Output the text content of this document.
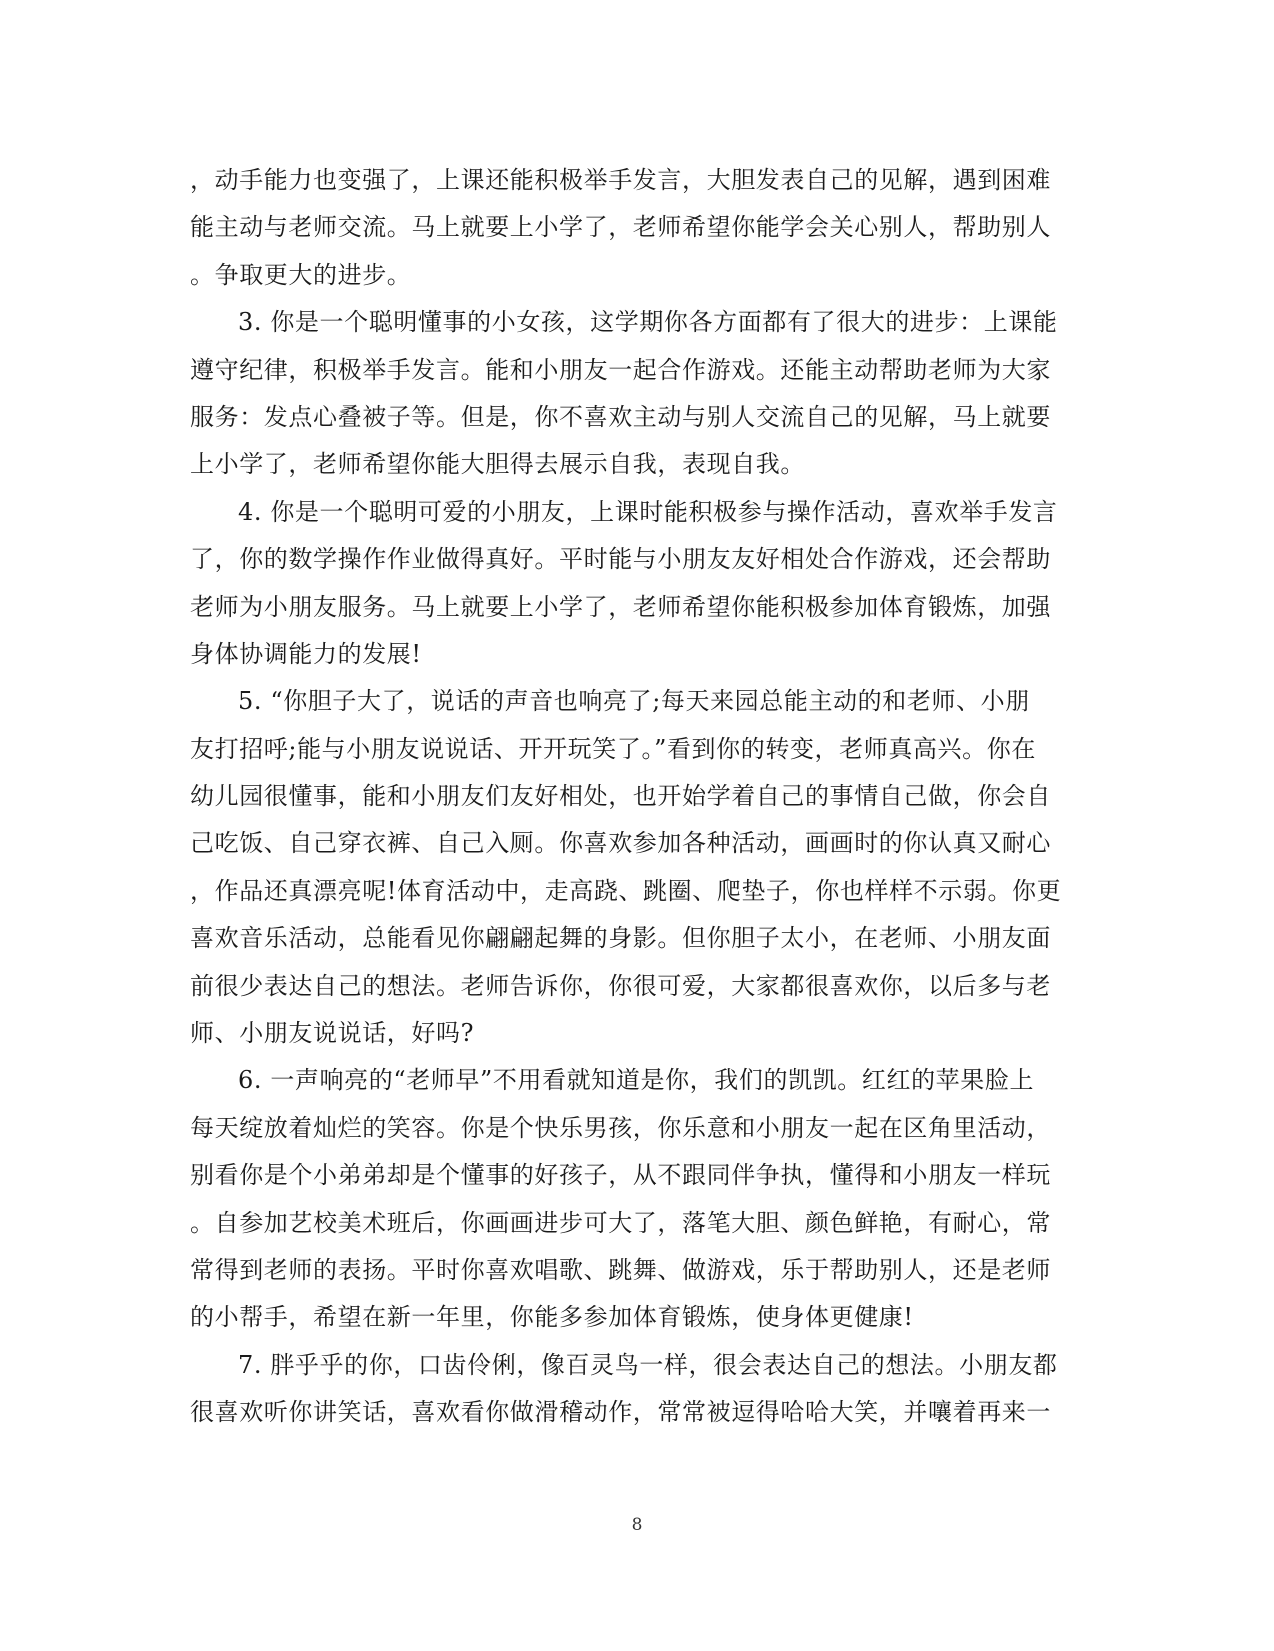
，动手能力也变强了，上课还能积极举手发言，大胆发表自己的见解，遇到困难
能主动与老师交流。马上就要上小学了，老师希望你能学会关心别人，帮助别人
。争取更大的进步。
3. 你是一个聪明懂事的小女孩，这学期你各方面都有了很大的进步：上课能
遵守纪律，积极举手发言。能和小朋友一起合作游戏。还能主动帮助老师为大家
服务：发点心叠被子等。但是，你不喜欢主动与别人交流自己的见解，马上就要
上小学了，老师希望你能大胆得去展示自我，表现自我。
4. 你是一个聪明可爱的小朋友，上课时能积极参与操作活动，喜欢举手发言
了，你的数学操作作业做得真好。平时能与小朋友友好相处合作游戏，还会帮助
老师为小朋友服务。马上就要上小学了，老师希望你能积极参加体育锻炼，加强
身体协调能力的发展!
5. “你胆子大了，说话的声音也响亮了;每天来园总能主动的和老师、小朋
友打招呼;能与小朋友说说话、开开玩笑了。”看到你的转变，老师真高兴。你在
幼儿园很懂事，能和小朋友们友好相处，也开始学着自己的事情自己做，你会自
己吃饭、自己穿衣裤、自己入厕。你喜欢参加各种活动，画画时的你认真又耐心
，作品还真漂亮呢!体育活动中，走高跷、跳圈、爬垫子，你也样样不示弱。你更
喜欢音乐活动，总能看见你翩翩起舞的身影。但你胆子太小，在老师、小朋友面
前很少表达自己的想法。老师告诉你，你很可爱，大家都很喜欢你，以后多与老
师、小朋友说说话，好吗?
6. 一声响亮的“老师早”不用看就知道是你，我们的凯凯。红红的苹果脸上
每天绽放着灿烂的笑容。你是个快乐男孩，你乐意和小朋友一起在区角里活动，
别看你是个小弟弟却是个懂事的好孩子，从不跟同伴争执，懂得和小朋友一样玩
。自参加艺校美术班后，你画画进步可大了，落笔大胆、颜色鲜艳，有耐心，常
常得到老师的表扬。平时你喜欢唱歌、跳舞、做游戏，乐于帮助别人，还是老师
的小帮手，希望在新一年里，你能多参加体育锻炼，使身体更健康!
7. 胖乎乎的你，口齿伶俐，像百灵鸟一样，很会表达自己的想法。小朋友都
很喜欢听你讲笑话，喜欢看你做滑稽动作，常常被逗得哈哈大笑，并嚷着再来一
8
